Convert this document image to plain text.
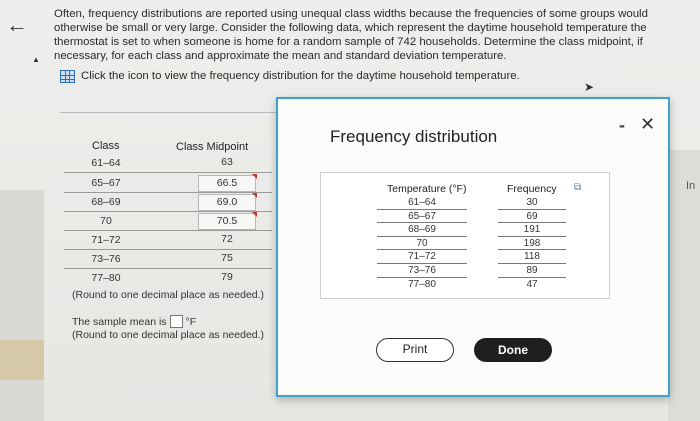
←
▲
Often, frequency distributions are reported using unequal class widths because the frequencies of some groups would otherwise be small or very large. Consider the following data, which represent the daytime household temperature the thermostat is set to when someone is home for a random sample of 742 households. Determine the class midpoint, if necessary, for each class and approximate the mean and standard deviation temperature.
Click the icon to view the frequency distribution for the daytime household temperature.
➤
In
Class	Class Midpoint
61–64	63
65–67	66.5
68–69	69.0
70	70.5
71–72	72
73–76	75
77–80	79
(Round to one decimal place as needed.)
The sample mean is °F
(Round to one decimal place as needed.)
Frequency distribution
- ✕
Temperature (°F)	Frequency ⧉
61–64	30
65–67	69
68–69	191
70	198
71–72	118
73–76	89
77–80	47
Print	Done
